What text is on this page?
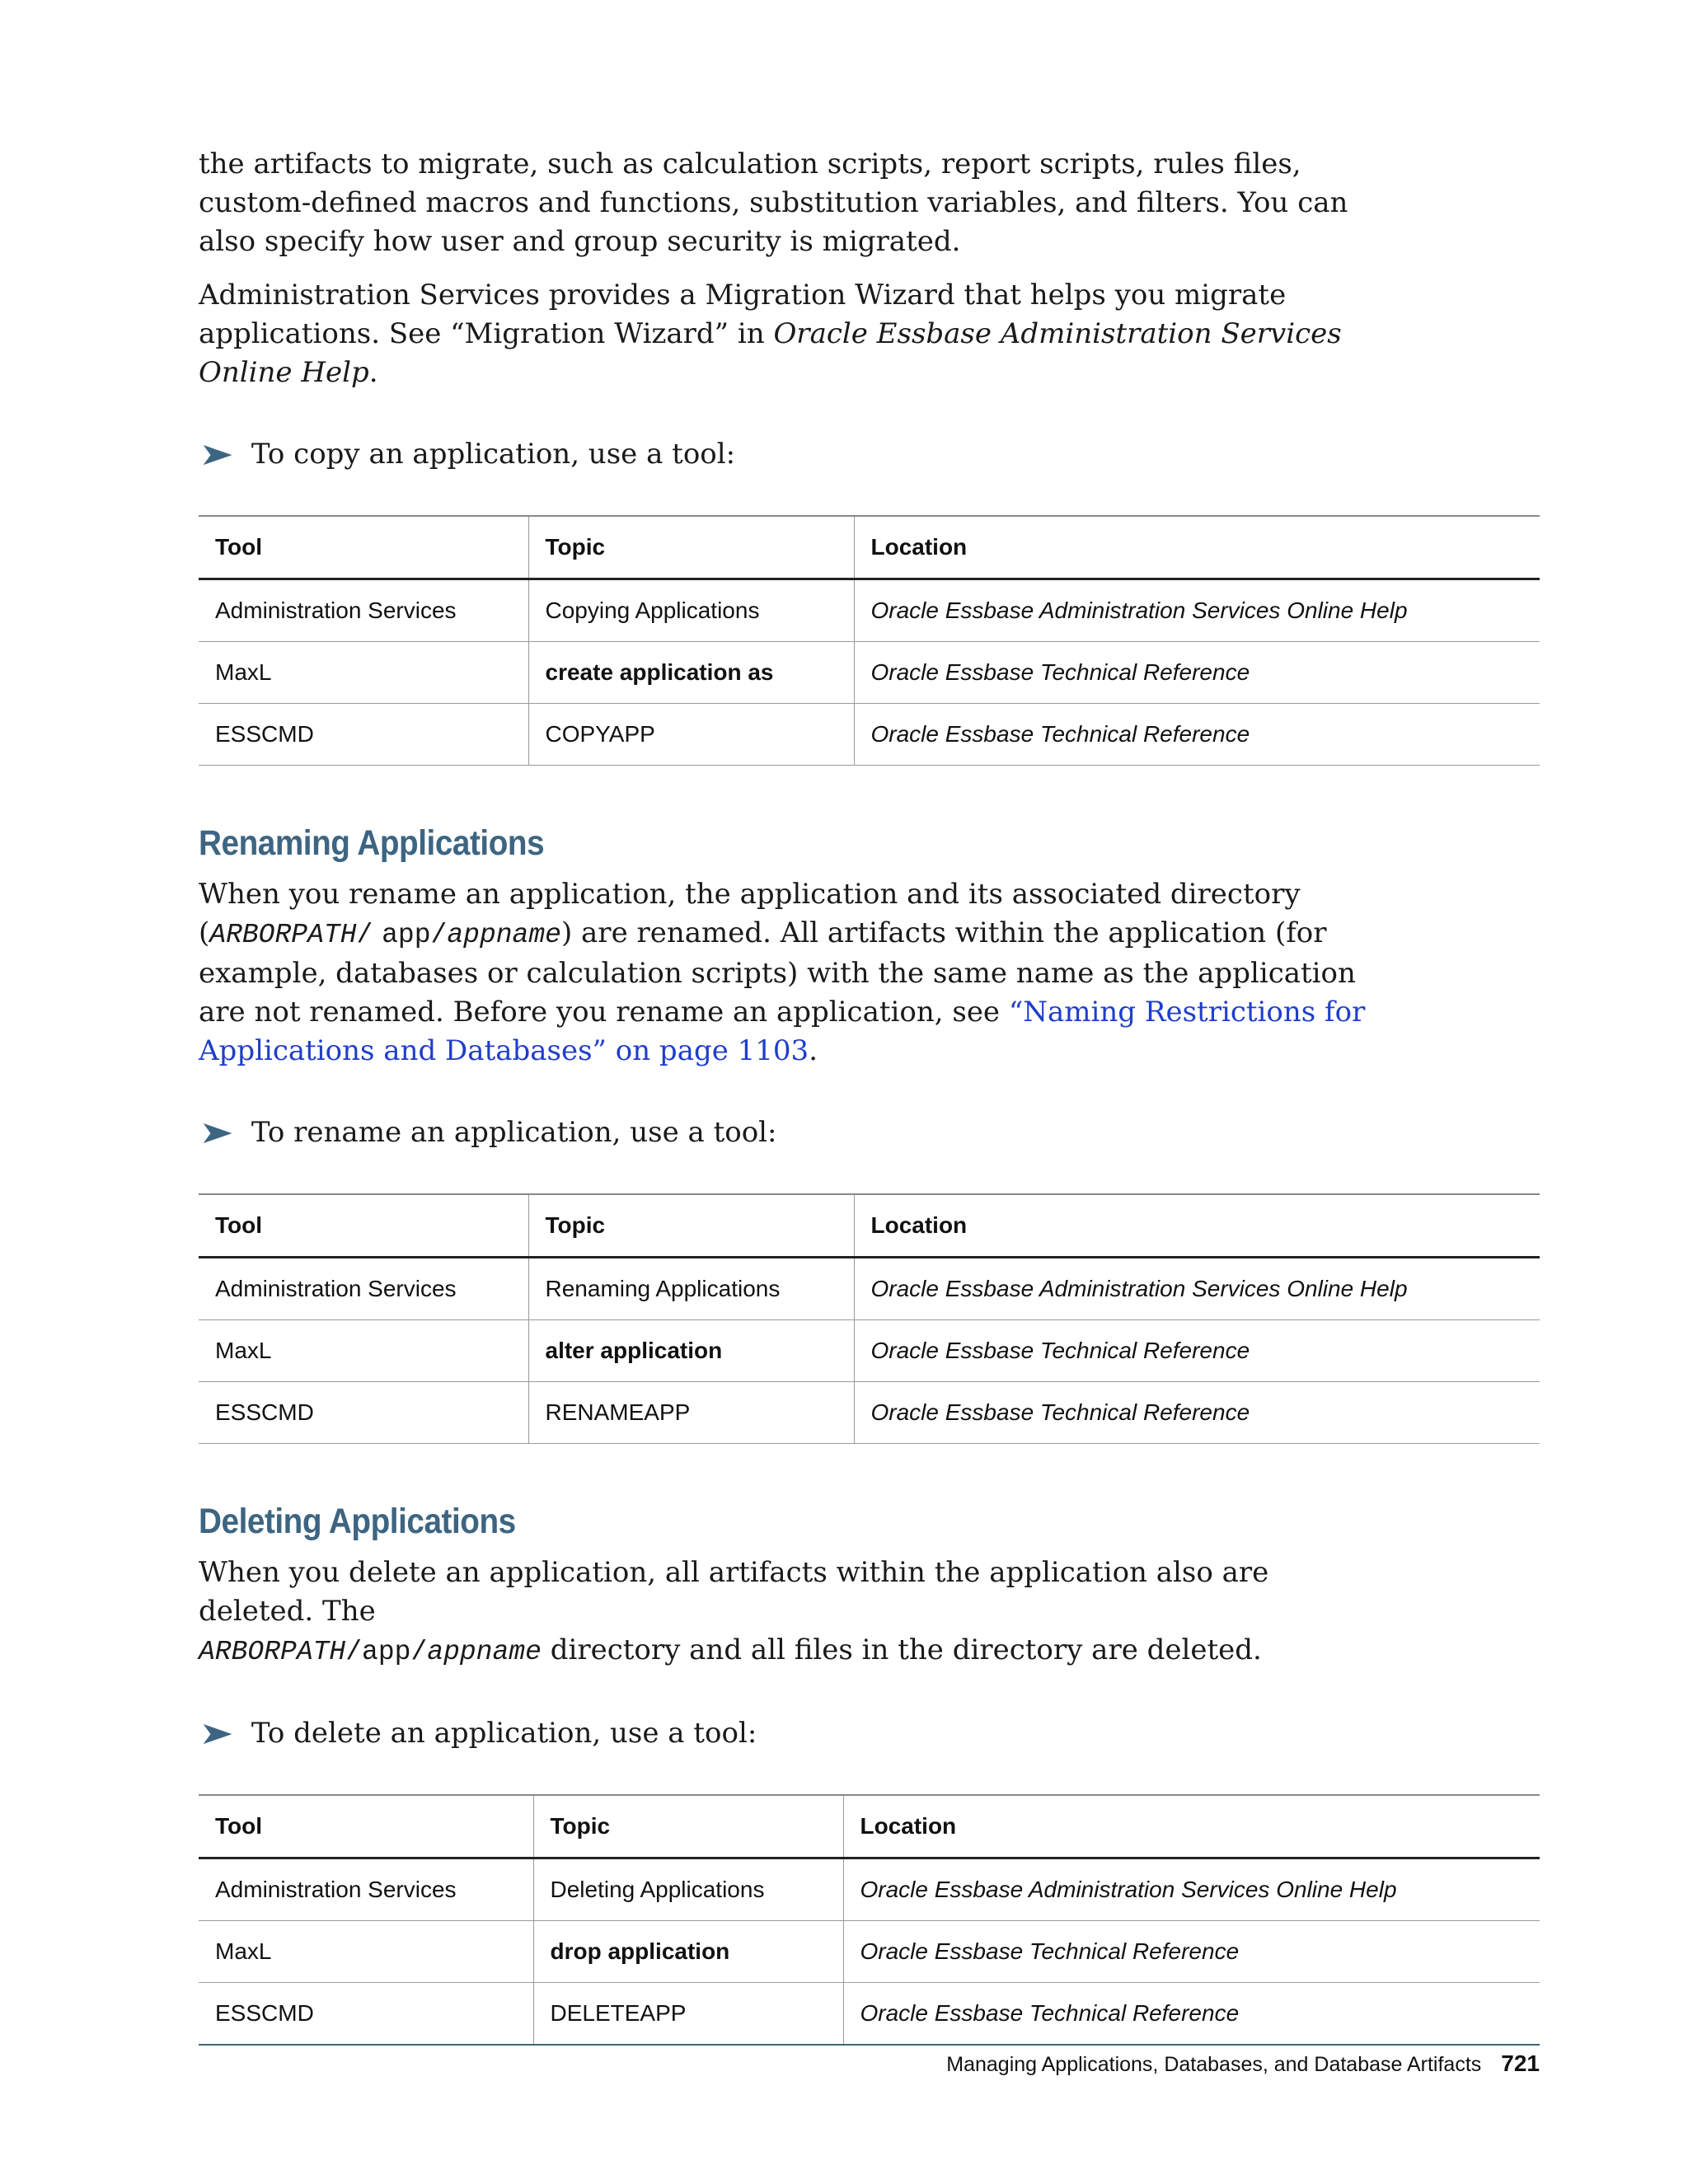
the artifacts to migrate, such as calculation scripts, report scripts, rules files, custom-defined macros and functions, substitution variables, and filters. You can also specify how user and group security is migrated.

Administration Services provides a Migration Wizard that helps you migrate applications. See “Migration Wizard” in Oracle Essbase Administration Services Online Help.

➤ To copy an application, use a tool:
Tool	Topic	Location
Administration Services	Copying Applications	Oracle Essbase Administration Services Online Help
MaxL	create application as	Oracle Essbase Technical Reference
ESSCMD	COPYAPP	Oracle Essbase Technical Reference
Renaming Applications

When you rename an application, the application and its associated directory (ARBORPATH/ app/appname) are renamed. All artifacts within the application (for example, databases or calculation scripts) with the same name as the application are not renamed. Before you rename an application, see “Naming Restrictions for Applications and Databases” on page 1103.

➤ To rename an application, use a tool:
Tool	Topic	Location
Administration Services	Renaming Applications	Oracle Essbase Administration Services Online Help
MaxL	alter application	Oracle Essbase Technical Reference
ESSCMD	RENAMEAPP	Oracle Essbase Technical Reference
Deleting Applications

When you delete an application, all artifacts within the application also are deleted. The
ARBORPATH/app/appname directory and all files in the directory are deleted.

➤ To delete an application, use a tool:
Tool	Topic	Location
Administration Services	Deleting Applications	Oracle Essbase Administration Services Online Help
MaxL	drop application	Oracle Essbase Technical Reference
ESSCMD	DELETEAPP	Oracle Essbase Technical Reference
Managing Applications, Databases, and Database Artifacts 721
